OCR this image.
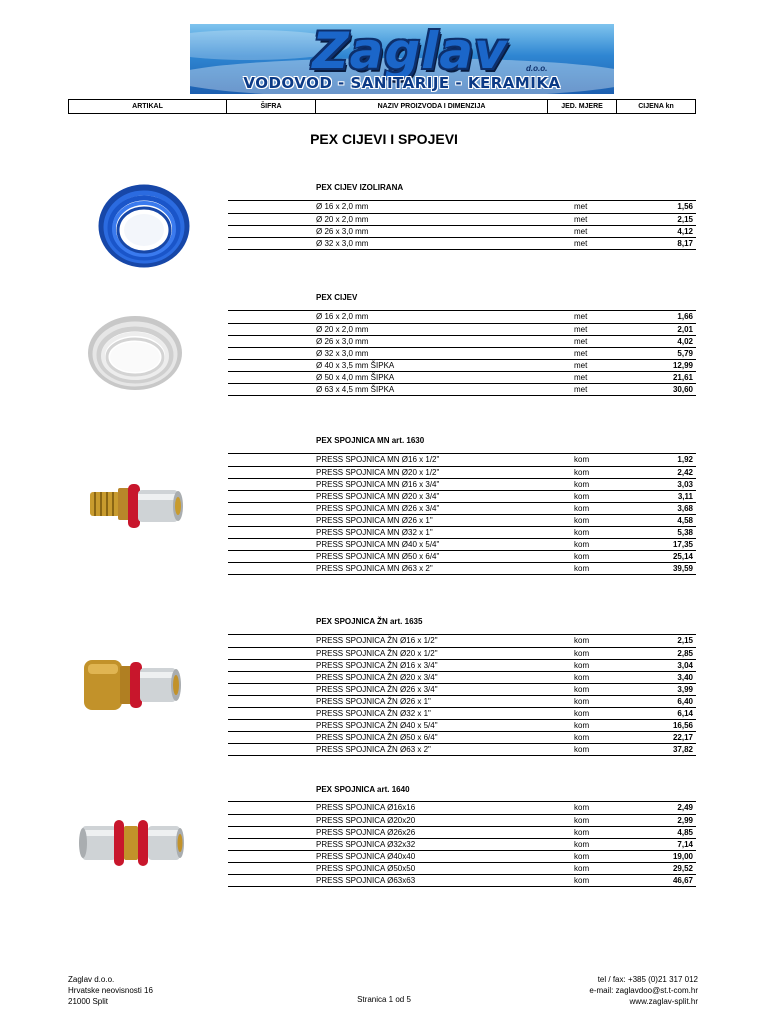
Zaglav	d.o.o.
VODOVOD - SANITARIJE - KERAMIKA
ARTIKAL	ŠIFRA	NAZIV PROIZVODA I DIMENZIJA	JED. MJERE	CIJENA kn
PEX CIJEVI I SPOJEVI
PEX CIJEV IZOLIRANA
Ø 16 x 2,0 mm	met	1,56
Ø 20 x 2,0 mm	met	2,15
Ø 26 x 3,0 mm	met	4,12
Ø 32 x 3,0 mm	met	8,17
PEX CIJEV
Ø 16 x 2,0 mm	met	1,66
Ø 20 x 2,0 mm	met	2,01
Ø 26 x 3,0 mm	met	4,02
Ø 32 x 3,0 mm	met	5,79
Ø 40 x 3,5 mm ŠIPKA	met	12,99
Ø 50 x 4,0 mm ŠIPKA	met	21,61
Ø 63 x 4,5 mm ŠIPKA	met	30,60
PEX SPOJNICA MN art. 1630
PRESS SPOJNICA MN Ø16 x 1/2"	kom	1,92
PRESS SPOJNICA MN Ø20 x 1/2"	kom	2,42
PRESS SPOJNICA MN Ø16 x 3/4"	kom	3,03
PRESS SPOJNICA MN Ø20 x 3/4"	kom	3,11
PRESS SPOJNICA MN Ø26 x 3/4"	kom	3,68
PRESS SPOJNICA MN Ø26 x 1"	kom	4,58
PRESS SPOJNICA MN Ø32 x 1"	kom	5,38
PRESS SPOJNICA MN Ø40 x 5/4"	kom	17,35
PRESS SPOJNICA MN Ø50 x 6/4"	kom	25,14
PRESS SPOJNICA MN Ø63 x 2"	kom	39,59
PEX SPOJNICA ŽN art. 1635
PRESS SPOJNICA ŽN Ø16 x 1/2"	kom	2,15
PRESS SPOJNICA ŽN Ø20 x 1/2"	kom	2,85
PRESS SPOJNICA ŽN Ø16 x 3/4"	kom	3,04
PRESS SPOJNICA ŽN Ø20 x 3/4"	kom	3,40
PRESS SPOJNICA ŽN Ø26 x 3/4"	kom	3,99
PRESS SPOJNICA ŽN Ø26 x 1"	kom	6,40
PRESS SPOJNICA ŽN Ø32 x 1"	kom	6,14
PRESS SPOJNICA ŽN Ø40 x 5/4"	kom	16,56
PRESS SPOJNICA ŽN Ø50 x 6/4"	kom	22,17
PRESS SPOJNICA ŽN Ø63 x 2"	kom	37,82
PEX SPOJNICA art. 1640
PRESS SPOJNICA Ø16x16	kom	2,49
PRESS SPOJNICA Ø20x20	kom	2,99
PRESS SPOJNICA Ø26x26	kom	4,85
PRESS SPOJNICA Ø32x32	kom	7,14
PRESS SPOJNICA Ø40x40	kom	19,00
PRESS SPOJNICA Ø50x50	kom	29,52
PRESS SPOJNICA Ø63x63	kom	46,67
Zaglav d.o.o.
Hrvatske neovisnosti 16
21000 Split	Stranica 1 od 5
tel / fax: +385 (0)21 317 012
e-mail: zaglavdoo@st.t-com.hr
www.zaglav-split.hr
